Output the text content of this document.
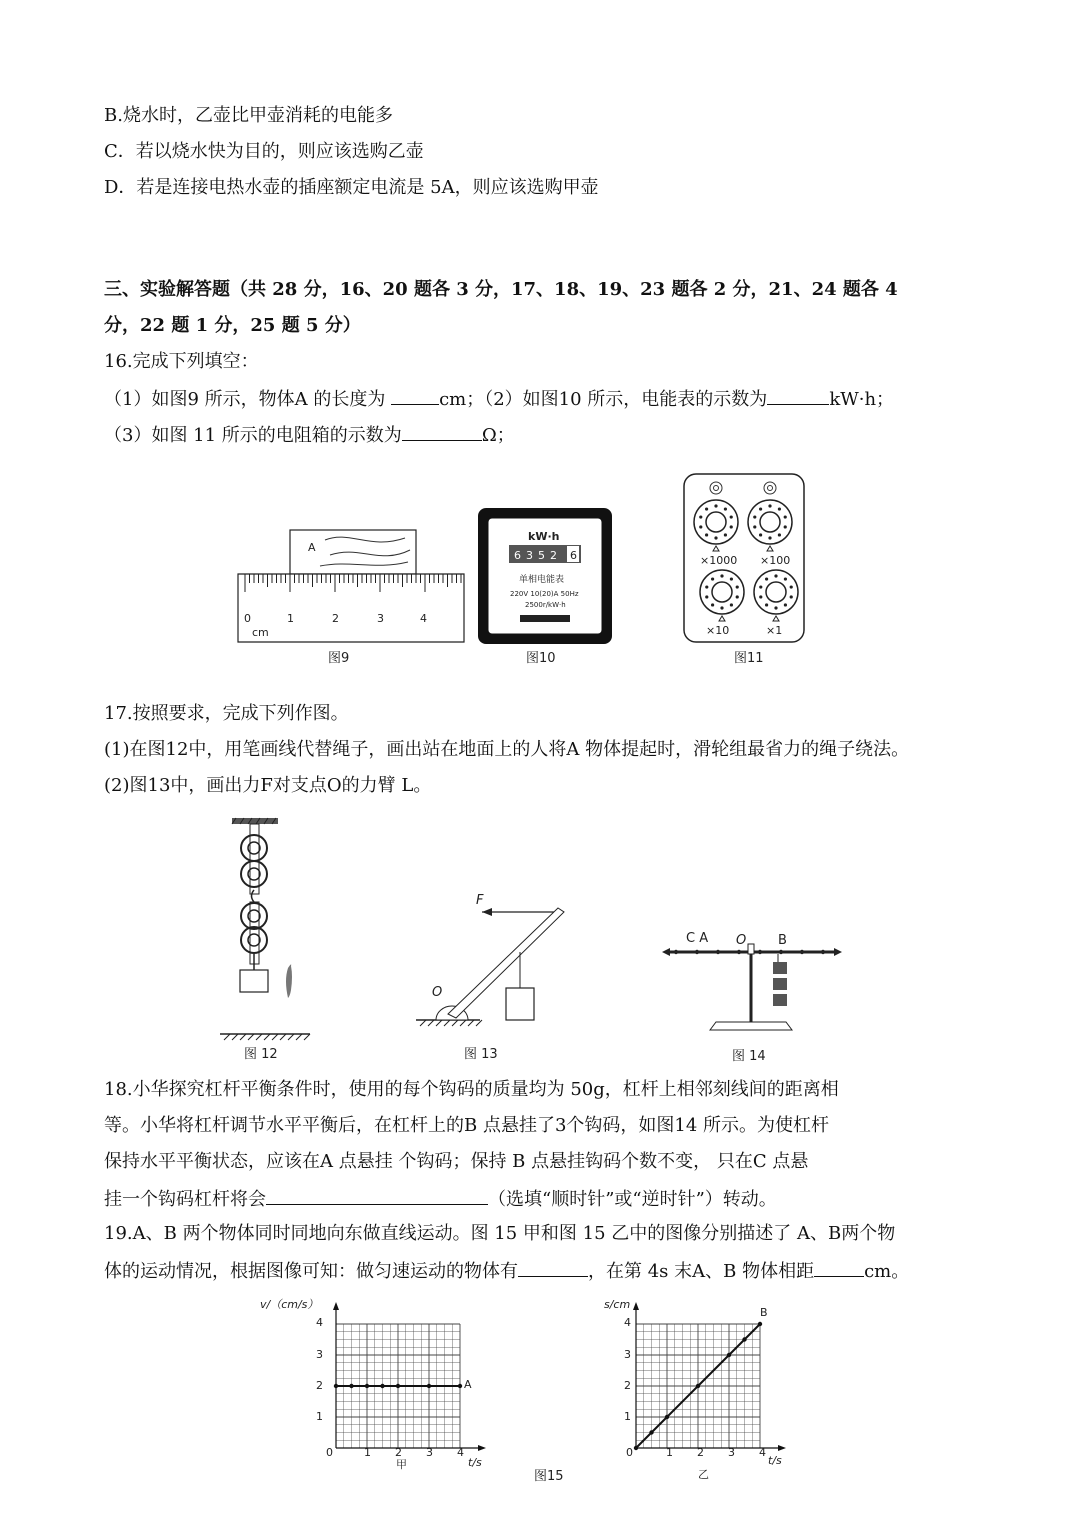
B.烧水时，乙壶比甲壶消耗的电能多
C．若以烧水快为目的，则应该选购乙壶
D．若是连接电热水壶的插座额定电流是 5A，则应该选购甲壶
三、实验解答题（共 28 分，16、20 题各 3 分，17、18、19、23 题各 2 分，21、24 题各 4
分，22 题 1 分，25 题 5 分）
16.完成下列填空：
（1）如图9 所示，物体A 的长度为	cm；（2）如图10 所示，电能表的示数为	kW·h；
（3）如图 11 所示的电阻箱的示数为	Ω；
A
0	1	2	3	4
cm
图9
kW·h
6 3 5 2 6
单相电能表
220V 10(20)A 50Hz
2500r/kW·h
图10
×1000 ×100
×10	×1
图11
17.按照要求，完成下列作图。
(1)在图12中，用笔画线代替绳子，画出站在地面上的人将A 物体提起时，滑轮组最省力的绳子绕法。
(2)图13中，画出力F对支点O的力臂 L。
图 12
O
F
图 13
C A O B
图 14
18.小华探究杠杆平衡条件时，使用的每个钩码的质量均为 50g，杠杆上相邻刻线间的距离相
等。小华将杠杆调节水平平衡后，在杠杆上的B 点悬挂了3个钩码，如图14 所示。为使杠杆
保持水平平衡状态，应该在A 点悬挂 个钩码；保持 B 点悬挂钩码个数不变， 只在C 点悬
挂一个钩码杠杆将会	（选填“顺时针”或“逆时针”）转动。
19.A、B 两个物体同时同地向东做直线运动。图 15 甲和图 15 乙中的图像分别描述了 A、B两个物
体的运动情况，根据图像可知：做匀速运动的物体有	，在第 4s 末A、B 物体相距	cm。
v/（cm/s）
t/s
甲
A
4
3
2
1
0	1 2 3 4
s/cm
t/s
乙
B
4
3
2
1
0	1 2 3 4
图15
